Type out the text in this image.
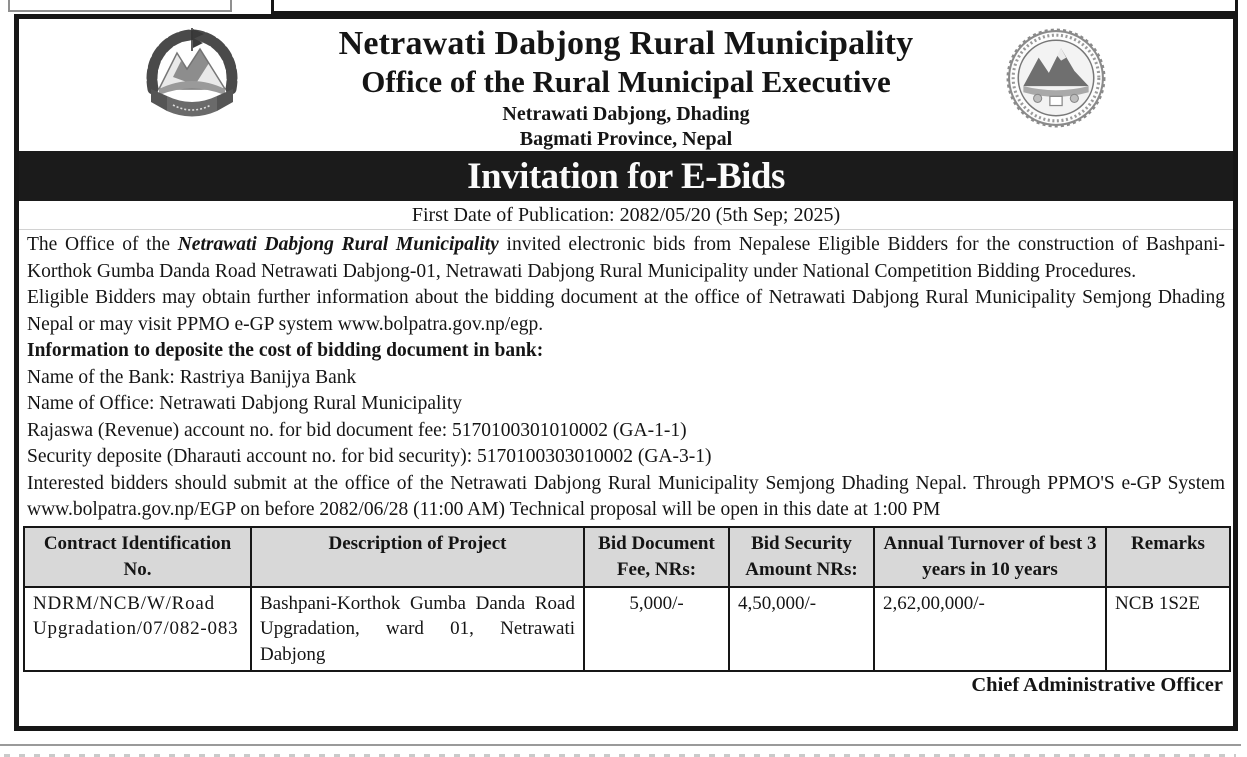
Netrawati Dabjong Rural Municipality
Office of the Rural Municipal Executive
Netrawati Dabjong, Dhading
Bagmati Province, Nepal
Invitation for E-Bids
First Date of Publication: 2082/05/20 (5th Sep; 2025)

The Office of the Netrawati Dabjong Rural Municipality invited electronic bids from Nepalese Eligible Bidders for the construction of Bashpani-Korthok Gumba Danda Road Netrawati Dabjong-01, Netrawati Dabjong Rural Municipality under National Competition Bidding Procedures.

Eligible Bidders may obtain further information about the bidding document at the office of Netrawati Dabjong Rural Municipality Semjong Dhading Nepal or may visit PPMO e-GP system www.bolpatra.gov.np/egp.

Information to deposite the cost of bidding document in bank:

Name of the Bank: Rastriya Banijya Bank

Name of Office: Netrawati Dabjong Rural Municipality

Rajaswa (Revenue) account no. for bid document fee: 5170100301010002 (GA-1-1)

Security deposite (Dharauti account no. for bid security): 5170100303010002 (GA-3-1)

Interested bidders should submit at the office of the Netrawati Dabjong Rural Municipality Semjong Dhading Nepal. Through PPMO'S e-GP System www.bolpatra.gov.np/EGP on before 2082/06/28 (11:00 AM) Technical proposal will be open in this date at 1:00 PM

Contract Identification No.	Description of Project	Bid Document Fee, NRs:	Bid Security Amount NRs:	Annual Turnover of best 3 years in 10 years	Remarks
NDRM/NCB/W/Road Upgradation/07/082-083	Bashpani-Korthok Gumba Danda Road Upgradation, ward 01, Netrawati Dabjong	5,000/-	4,50,000/-	2,62,00,000/-	NCB 1S2E
Chief Administrative Officer
